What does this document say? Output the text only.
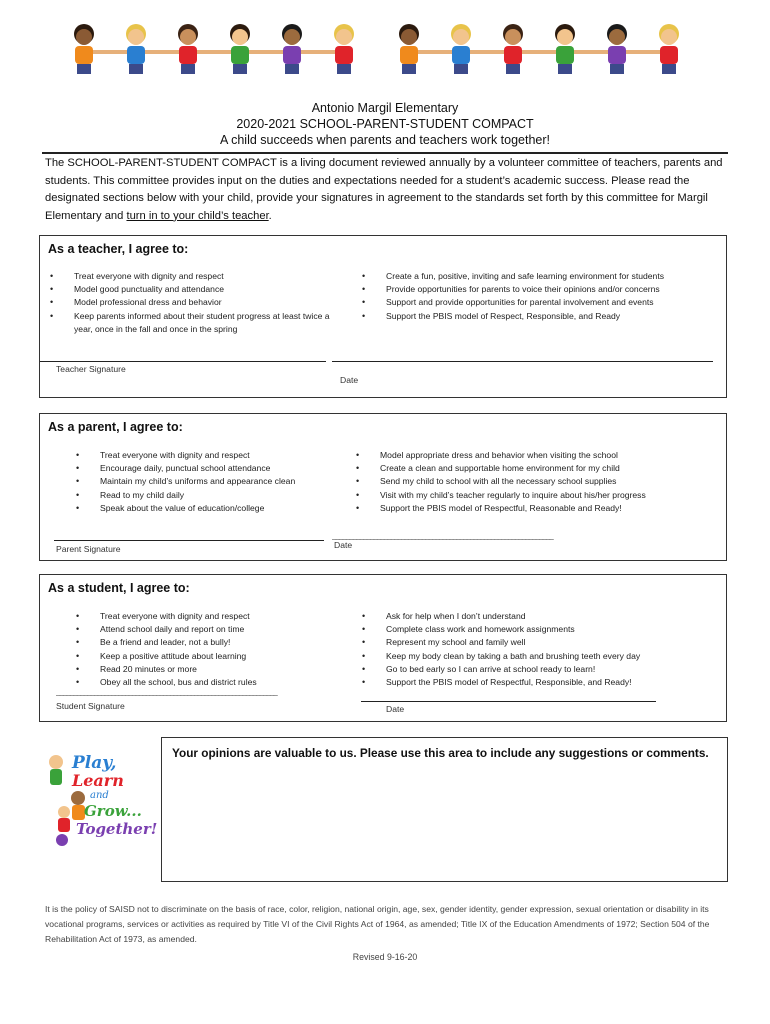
Antonio Margil Elementary
2020-2021 SCHOOL-PARENT-STUDENT COMPACT
A child succeeds when parents and teachers work together!
The SCHOOL-PARENT-STUDENT COMPACT is a living document reviewed annually by a volunteer committee of teachers, parents and students. This committee provides input on the duties and expectations needed for a student’s academic success. Please read the designated sections below with your child, provide your signatures in agreement to the standards set forth by this committee for Margil Elementary and turn in to your child’s teacher.
As a teacher, I agree to:
• Treat everyone with dignity and respect
• Model good punctuality and attendance
• Model professional dress and behavior
• Keep parents informed about their student progress at least twice a year, once in the fall and once in the spring
• Create a fun, positive, inviting and safe learning environment for students
• Provide opportunities for parents to voice their opinions and/or concerns
• Support and provide opportunities for parental involvement and events
• Support the PBIS model of Respect, Responsible, and Ready
Teacher Signature
Date
As a parent, I agree to:
• Treat everyone with dignity and respect
• Encourage daily, punctual school attendance
• Maintain my child’s uniforms and appearance clean
• Read to my child daily
• Speak about the value of education/college
• Model appropriate dress and behavior when visiting the school
• Create a clean and supportable home environment for my child
• Send my child to school with all the necessary school supplies
• Visit with my child’s teacher regularly to inquire about his/her progress
• Support the PBIS model of Respectful, Reasonable and Ready!
________________________________________________________________
Parent Signature	Date
As a student, I agree to:
• Treat everyone with dignity and respect
• Attend school daily and report on time
• Be a friend and leader, not a bully!
• Keep a positive attitude about learning
• Read 20 minutes or more
• Obey all the school, bus and district rules
• Ask for help when I don’t understand
• Complete class work and homework assignments
• Represent my school and family well
• Keep my body clean by taking a bath and brushing teeth every day
• Go to bed early so I can arrive at school ready to learn!
• Support the PBIS model of Respectful, Responsible, and Ready!
________________________________________________________________
Student Signature	Date
Play,
Learn
and
Grow...
Together!
Your opinions are valuable to us. Please use this area to include any suggestions or comments.
It is the policy of SAISD not to discriminate on the basis of race, color, religion, national origin, age, sex, gender identity, gender expression, sexual orientation or disability in its vocational programs, services or activities as required by Title VI of the Civil Rights Act of 1964, as amended; Title IX of the Education Amendments of 1972; Section 504 of the Rehabilitation Act of 1973, as amended.
Revised 9-16-20
